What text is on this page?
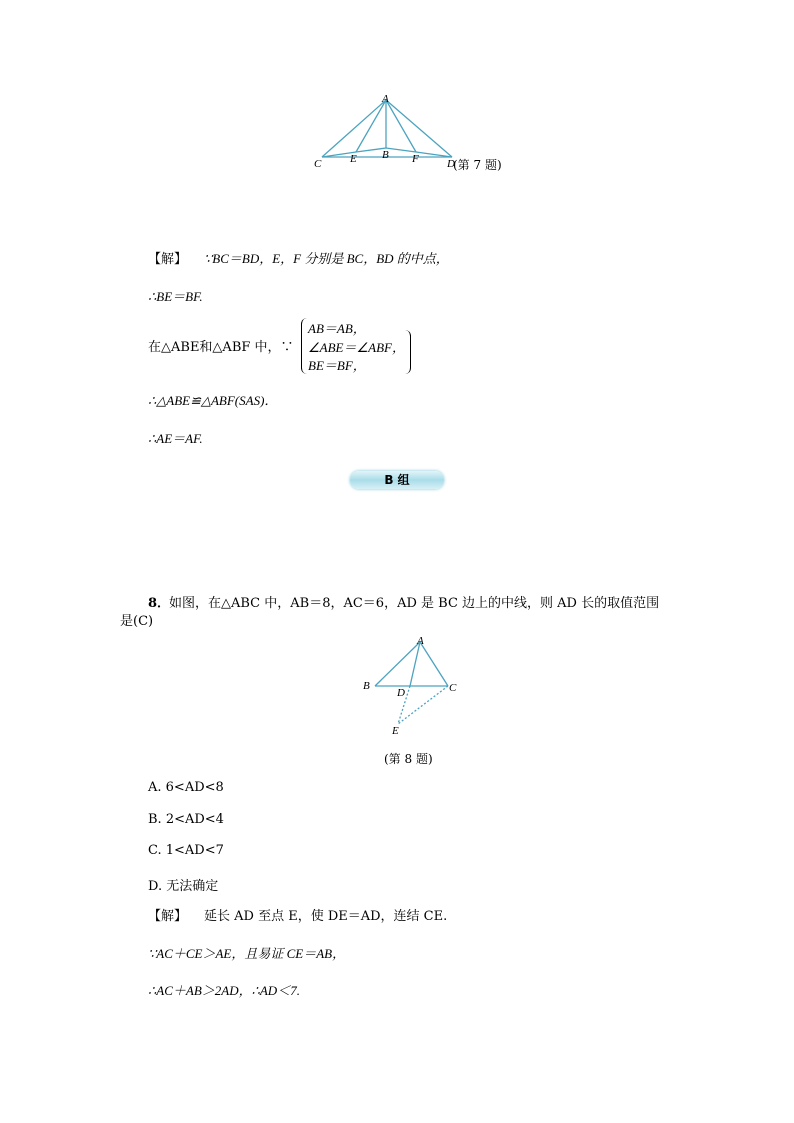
A
C	E B F	D
(第 7 题)
【解】 ∵BC＝BD，E，F 分别是 BC，BD 的中点，
∴BE＝BF.
在△ABE和△ABF 中，∵
AB＝AB，
∠ABE＝∠ABF，
BE＝BF，
∴△ABE≌△ABF(SAS)．
∴AE＝AF.
B 组
8．
如图，在△ABC 中，AB＝8，AC＝6，AD 是 BC 边上的中线，则 AD 长的取值范围
是(C)
A
B	C
D
E
(第 8 题)
A. 6<AD<8
B. 2<AD<4
C. 1<AD<7
D. 无法确定
【解】 延长 AD 至点 E，使 DE＝AD，连结 CE.
∵AC＋CE＞AE，且易证 CE＝AB，
∴AC＋AB＞2AD，∴AD＜7.
